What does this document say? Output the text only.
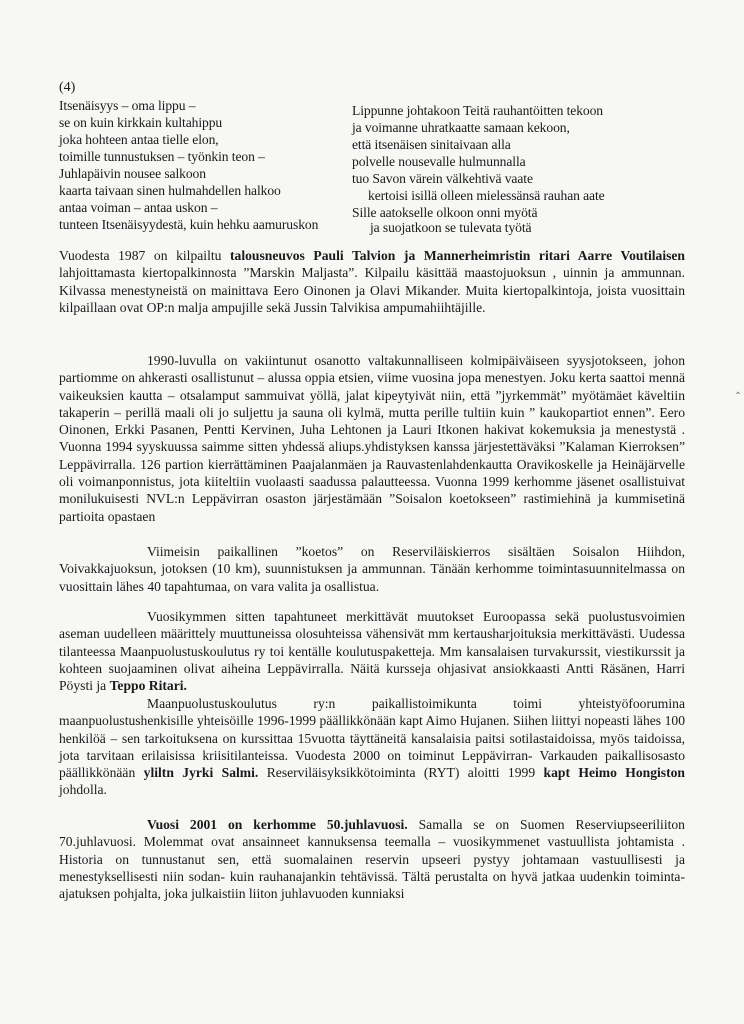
(4)
Itsenäisyys – oma lippu –
se on kuin kirkkain kultahippu
joka hohteen antaa tielle elon,
toimille tunnustuksen – työnkin teon –
Juhlapäivin nousee salkoon
kaarta taivaan sinen hulmahdellen halkoo
antaa voiman – antaa uskon –
tunteen Itsenäisyydestä, kuin hehku aamuruskon
Lippunne johtakoon Teitä rauhantöitten tekoon
ja voimanne uhratkaatte samaan kekoon,
että itsenäisen sinitaivaan alla
polvelle nousevalle hulmunnalla
tuo Savon värein välkehtivä vaate
kertoisi isillä olleen mielessänsä rauhan aate
Sille aatokselle olkoon onni myötä
ja suojatkoon se tulevata työtä

Vuodesta 1987 on kilpailtu talousneuvos Pauli Talvion ja Mannerheimristin ritari Aarre Voutilaisen lahjoittamasta kiertopalkinnosta ”Marskin Maljasta”. Kilpailu käsittää maastojuoksun , uinnin ja ammunnan. Kilvassa menestyneistä on mainittava Eero Oinonen ja Olavi Mikander. Muita kiertopalkintoja, joista vuosittain kilpaillaan ovat OP:n malja ampujille sekä Jussin Talvikisa ampumahiihtäjille.

1990-luvulla on vakiintunut osanotto valtakunnalliseen kolmipäiväiseen syysjotokseen, johon partiomme on ahkerasti osallistunut – alussa oppia etsien, viime vuosina jopa menestyen. Joku kerta saattoi mennä vaikeuksien kautta – otsalamput sammuivat yöllä, jalat kipeytyivät niin, että ”jyrkemmät” myötämäet käveltiin takaperin – perillä maali oli jo suljettu ja sauna oli kylmä, mutta perille tultiin kuin ” kaukopartiot ennen”. Eero Oinonen, Erkki Pasanen, Pentti Kervinen, Juha Lehtonen ja Lauri Itkonen hakivat kokemuksia ja menestystä . Vuonna 1994 syyskuussa saimme sitten yhdessä aliups.yhdistyksen kanssa järjestettäväksi ”Kalaman Kierroksen” Leppävirralla. 126 partion kierrättäminen Paajalanmäen ja Rauvastenlahdenkautta Oravikoskelle ja Heinäjärvelle oli voimanponnistus, jota kiiteltiin vuolaasti saadussa palautteessa. Vuonna 1999 kerhomme jäsenet osallistuivat monilukuisesti NVL:n Leppävirran osaston järjestämään ”Soisalon koetokseen” rastimiehinä ja kummisetinä partioita opastaen

Viimeisin paikallinen ”koetos” on Reserviläiskierros sisältäen Soisalon Hiihdon, Voivakkajuoksun, jotoksen (10 km), suunnistuksen ja ammunnan. Tänään kerhomme toimintasuunnitelmassa on vuosittain lähes 40 tapahtumaa, on vara valita ja osallistua.

Vuosikymmen sitten tapahtuneet merkittävät muutokset Euroopassa sekä puolustusvoimien aseman uudelleen määrittely muuttuneissa olosuhteissa vähensivät mm kertausharjoituksia merkittävästi. Uudessa tilanteessa Maanpuolustuskoulutus ry toi kentälle koulutuspaketteja. Mm kansalaisen turvakurssit, viestikurssit ja kohteen suojaaminen olivat aiheina Leppävirralla. Näitä kursseja ohjasivat ansiokkaasti Antti Räsänen, Harri Pöysti ja Teppo Ritari.

Maanpuolustuskoulutus ry:n paikallistoimikunta toimi yhteistyöfoorumina maanpuolustushenkisille yhteisöille 1996-1999 päällikkönään kapt Aimo Hujanen. Siihen liittyi nopeasti lähes 100 henkilöä – sen tarkoituksena on kurssittaa 15vuotta täyttäneitä kansalaisia paitsi sotilastaidoissa, myös taidoissa, jota tarvitaan erilaisissa kriisitilanteissa. Vuodesta 2000 on toiminut Leppävirran- Varkauden paikallisosasto päällikkönään yliltn Jyrki Salmi. Reserviläisyksikkötoiminta (RYT) aloitti 1999 kapt Heimo Hongiston johdolla.

Vuosi 2001 on kerhomme 50.juhlavuosi. Samalla se on Suomen Reserviupseeriliiton 70.juhlavuosi. Molemmat ovat ansainneet kannuksensa teemalla – vuosikymmenet vastuullista johtamista . Historia on tunnustanut sen, että suomalainen reservin upseeri pystyy johtamaan vastuullisesti ja menestyksellisesti niin sodan- kuin rauhanajankin tehtävissä. Tältä perustalta on hyvä jatkaa uudenkin toiminta-ajatuksen pohjalta, joka julkaistiin liiton juhlavuoden kunniaksi

‸
